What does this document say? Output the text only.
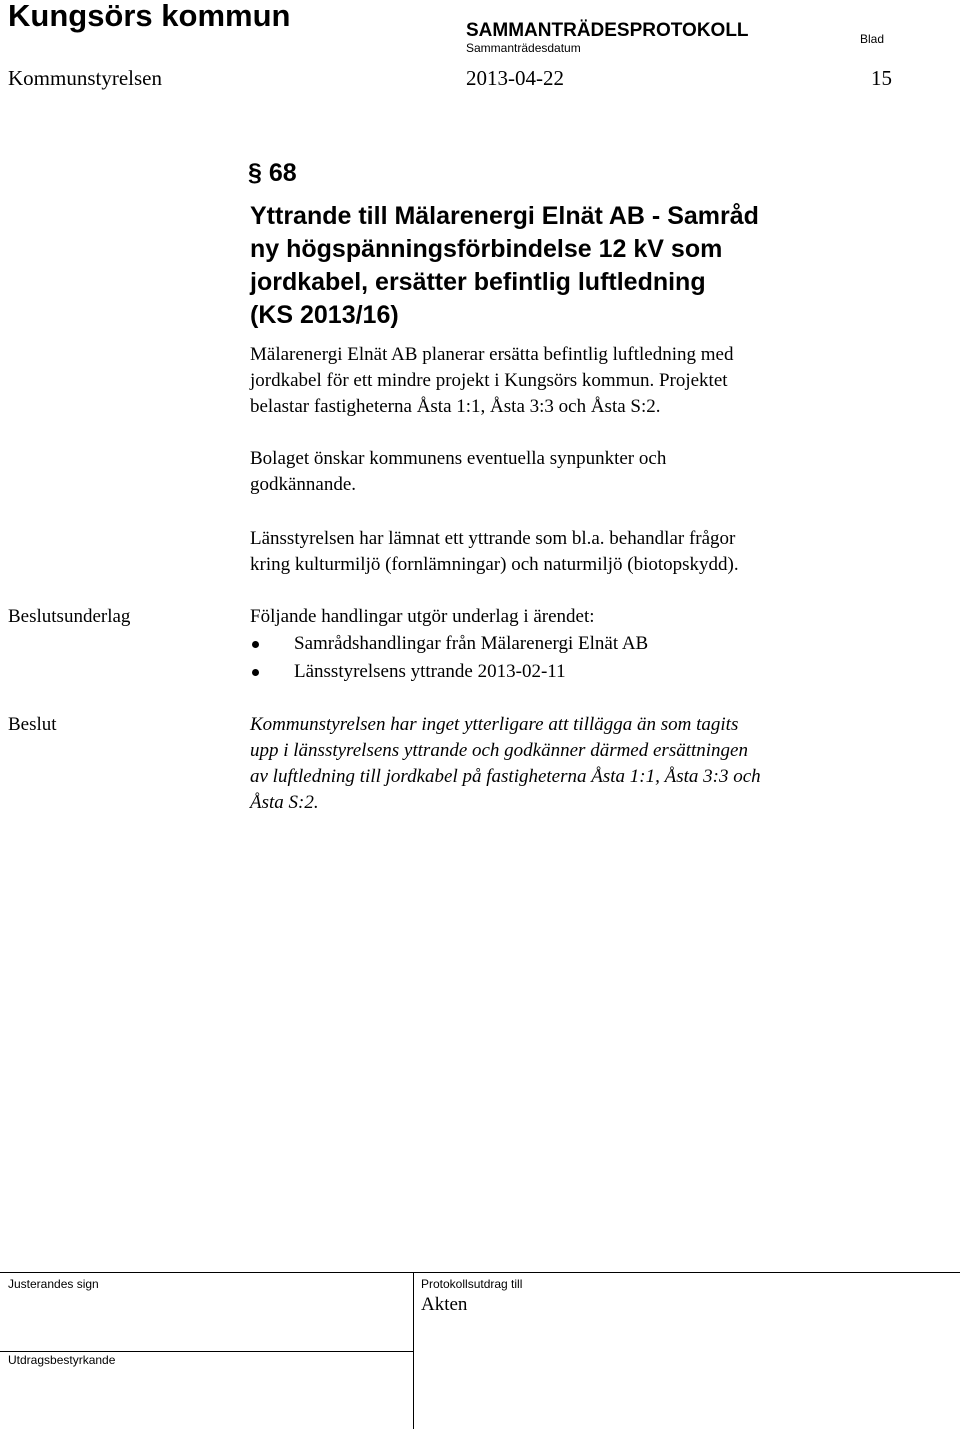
Kungsörs kommun	SAMMANTRÄDESPROTOKOLL
Sammanträdesdatum
Blad
Kommunstyrelsen	2013-04-22	15
§ 68
Yttrande till Mälarenergi Elnät AB - Samråd
ny högspänningsförbindelse 12 kV som
jordkabel, ersätter befintlig luftledning
(KS 2013/16)
Mälarenergi Elnät AB planerar ersätta befintlig luftledning med
jordkabel för ett mindre projekt i Kungsörs kommun. Projektet
belastar fastigheterna Åsta 1:1, Åsta 3:3 och Åsta S:2.
Bolaget önskar kommunens eventuella synpunkter och
godkännande.
Länsstyrelsen har lämnat ett yttrande som bl.a. behandlar frågor
kring kulturmiljö (fornlämningar) och naturmiljö (biotopskydd).
Beslutsunderlag	Följande handlingar utgör underlag i ärendet:
Samrådshandlingar från Mälarenergi Elnät AB
Länsstyrelsens yttrande 2013-02-11
Beslut	Kommunstyrelsen har inget ytterligare att tillägga än som tagits
upp i länsstyrelsens yttrande och godkänner därmed ersättningen
av luftledning till jordkabel på fastigheterna Åsta 1:1, Åsta 3:3 och
Åsta S:2.
Justerandes sign	Protokollsutdrag till
Akten
Utdragsbestyrkande
